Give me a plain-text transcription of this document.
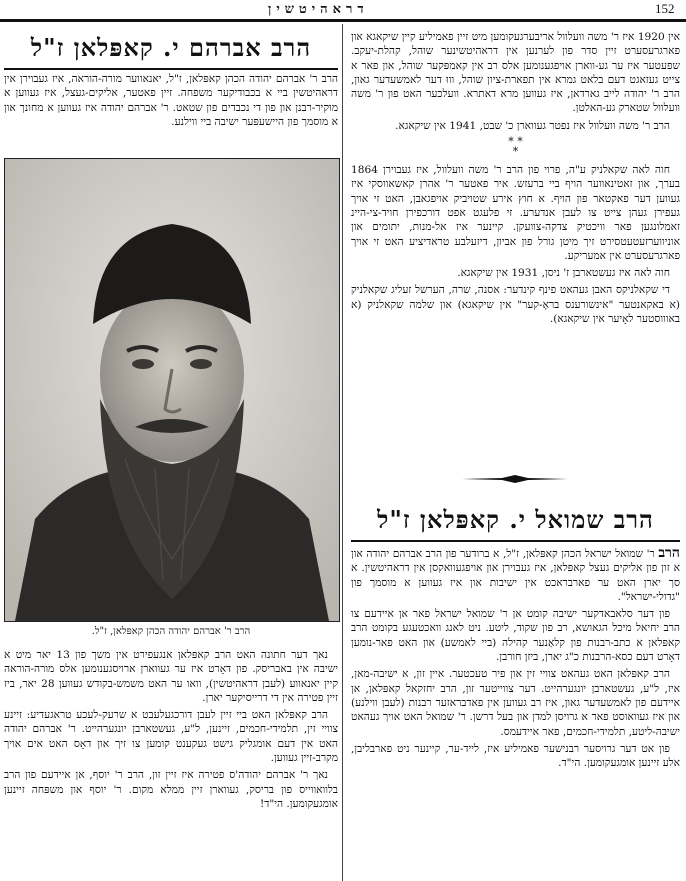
דראהיטשין	152

אין 1920 איז ר' משה וועלוול אריבערגעקומען מיט זיין פאמיליע קיין שיקאגא און פארגרעסערט זיין סדר פון לערנען אין דראהיטשינער שוהל, קהלת-יעקב. שפעטער איז ער גע-ווארן אויפגענומען אלס רב אין קאמפּקער שוהל, און פאר א צייט געזאגט דעם בלאט גמרא אין תפארת-ציון שוהל, וווּ דער לאמשעדער גאון, הרב ר' יהודה לייב גארדאן, איז געווען מרא דאתרא. וועלכער האט פון ר' משה וועלוול שטארק גע-האלטן.

הרב ר' משה וועלוול איז נפטר געווארן כ' שבט, 1941 אין שיקאגא.

* *
*

חוה לאה שקאלניק ע"ה, פרוי פון הרב ר' משה וועלוול, איז געבוירן 1864 בערך, און זאטינאווער הויף ביי ברעזש. איר פאטער ר' אהרן קאשאווסקי איז געווען דער פאקטאר פון הויף. א חוץ אירע שטויביק אויפגאבן, האט זי אויך געפירן געהן צייט צו לעבן אנדערע. זי פלעגט אפט דורכפירן חויד-צי-היינ זאמלונגען פאר וויכטיק צדקה-צוועקן. קיינער איז אל-מנות, יתומים און אוניווערזעטעטסירט זיך מיטן גורל פון אביון, דיזעלבע טראדיציע האט זי אויך פארגרעסערט אין אמעריקע.

חוה לאה איז געשטארבן ז' ניסן, 1931 אין שיקאגא.

די שקאלניקס האבן געהאט פינף קינדער: אסנה, שרה, הערשל זעליג שקאלניק (א באקאנטער "אינשורענס בראָ-קער" אין שיקאגא) און שלמה שקאלניק (א באוווסטער לאָיער אין שיקאגא).

הרב שמואל י. קאפּלאן ז"ל

הרב ר' שמואל ישראל הכהן קאפּלאן, ז"ל, א ברודער פון הרב אברהם יהודה און א זון פון אליקים געצל קאפּלאן, איז געבוירן און אויפגעוואקסן אין דראהיטשין. א סך יארן האט ער פארבראכט אין ישיבות און איז געווען א מוסמך פון "גדולי-ישראל".

פון דער סלאבאדקער ישיבה קומט אן ר' שמואל ישראל פאר אן איידעם צו הרב יחיאל מיכל הגאושא, רב פון שקוד, ליטע. ניט לאנג וואכטעגע בקומט הרב קאפּלאן א כתב-רבנות פון קלאַנער קהילה (ביי לאמשע) און האט פאר-נומען דאָרט דעם כסא-הרבנות כ"ג יארן, ביזן חורבן.

הרב קאפּלאן האט געהאט צוויי זין און פיר טעכטער. איין זון, א ישיבה-מאן, איז, ל"ע, געשטארבן יונגערהייט. דער צווייטער זון, הרב יחזקאל קאפּלאן, אן איידעם פון לאמשעדער גאון, איז רב געווען אין פאדבראזער רבנות (לעבן ווילנע) און איז געוואוסט פאר א גרויסן למדן און בעל דרשן. ר' שמואל האט אויך געהאט ישיבה-ליטע, תלמידי-חכמים, פאר איידעמס.

פון אט דער גרויסער רבנישער פאמיליע איז, לייד-ער, קיינער ניט פארבליבן, אלע זיינען אומגעקומען. הי"ד.

הרב אברהם י. קאפּלאן ז"ל

הרב ר' אברהם יהודה הכהן קאפּלאן, ז"ל, יאנאווער מורה-הוראה, איז געבוירן אין דראהיטשין ביי א בכבודיקער משפחה. זיין פאטער, אליקים-געצל, איז געווען א מוקיר-רבנן און פון די נכבדים פון שטאט. ר' אברהם יהודה איז געווען א מחונך און א מוסמך פון היישעפּער ישיבה ביי ווילנע.

הרב ר' אברהם יהודה הכהן קאפּלאן, ז"ל.

נאך דער חתונה האט הרב קאפּלאן אנגעפירט אין משך פון 13 יאר מיט א ישיבה אין באבריסק. פון דאָרט איז ער געווארן ארויסגענומען אלס מורה-הוראה קיין יאנאווע (לעבן דראהיטשין), וואו ער האט משמש-בקודש געווען 28 יאר, ביז זיין פטירה אין די דרייסיקער יארן.

הרב קאפּלאן האט ביי זיין לעבן דורכגעלעבט א שרעק-לעכע טראגעדיע: זיינע צוויי זין, תלמידי-חכמים, זיינען, ל"ע, געשטארבן יונגערהייט. ר' אברהם יהודה האט אין דעם אומגליק גישט געקענט קומען צו זיך און דאָס האט אים אויך מקרב-זיין געווען.

נאך ר' אברהם יהודה'ס פטירה איז זיין זון, הרב ר' יוסף, אן איידעם פון הרב בלוואווייס פון בריסק, געווארן זיין ממלא מקום. ר' יוסף און משפּחה זיינען אומגעקומען. הי"ד!
